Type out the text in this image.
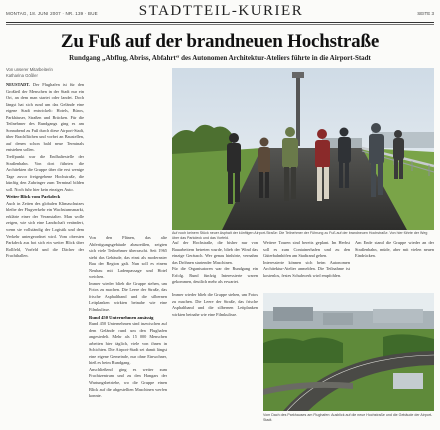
MONTAG, 18. JUNI 2007 · NR. 139 · BUE	STADTTEIL-KURIER	SEITE 3
Zu Fuß auf der brandneuen Hochstraße
Rundgang „Abflug, Abriss, Abfahrt“ des Autonomen Architektur-Ateliers führte in die Airport-Stadt
Von unserer Mitarbeiterin
Katharina Gößler

NEUSTADT. Der Flughafen ist für den Großteil der Menschen in der Stadt nur ein Ort, an dem man startet oder landet. Doch längst hat sich rund um das Gelände eine eigene Stadt entwickelt: Hotels, Büros, Parkhäuser, Straßen und Brücken. Für die Teilnehmer des Rundgangs ging es am Sonnabend zu Fuß durch diese Airport-Stadt, über Brachflächen und vorbei an Baustellen, auf denen schon bald neue Terminals entstehen sollen.

Treffpunkt war die Endhaltestelle der Straßenbahn. Von dort führten die Architekten die Gruppe über die erst wenige Tage zuvor freigegebene Hochstraße, die künftig den Zubringer zum Terminal bilden soll. Noch fuhr hier kein einziges Auto.

Weiter Blick vom Parkdeck

Auch in Zeiten des globalen Klimaschutzes bleibe der Flugverkehr ein Wachstumsmarkt, erklärte einer der Veranstalter. Man wolle zeigen, wie sich eine Landschaft verändert, wenn sie vollständig der Logistik und dem Verkehr untergeordnet wird. Vom obersten Parkdeck aus bot sich ein weiter Blick über Rollfeld, Vorfeld und die Dächer der Frachthallen.

Von den Plänen, das alte Abfertigungsgebäude abzureißen, zeigten sich viele Teilnehmer überrascht. Seit 1965 steht das Gebäude, das einst als modernster Bau der Region galt. Nun soll es einem Neubau mit Ladenpassage und Hotel weichen.

Immer wieder blieb die Gruppe stehen, um Fotos zu machen. Die Leere der Straße, das frische Asphaltband und die silbernen Leitplanken wirkten beinahe wie eine Filmkulisse.

Rund 450 Unternehmen ansässig

Rund 450 Unternehmen sind inzwischen auf dem Gelände rund um den Flughafen angesiedelt. Mehr als 15 000 Menschen arbeiten hier täglich, viele von ihnen in Schichten. Die Airport-Stadt sei damit längst eine eigene Gemeinde, nur ohne Einwohner, hieß es beim Rundgang.

Anschließend ging es weiter zum Frachtzentrum und zu den Hangars der Wartungsbetriebe, wo die Gruppe einen Blick auf die abgestellten Maschinen werfen konnte.

Auf der Hochstraße, die bisher nur von Bauarbeitern betreten wurde, blieb der Wind das einzige Geräusch. Wer genau hinhörte, vernahm das Dröhnen startender Maschinen.

Für die Organisatoren war der Rundgang ein Erfolg. Rund fünfzig Interessierte waren gekommen, deutlich mehr als erwartet.

Weitere Touren sind bereits geplant. Im Herbst soll es zum Containerhafen und zu den Güterbahnhöfen am Stadtrand gehen.

Interessierte können sich beim Autonomen Architektur-Atelier anmelden. Die Teilnahme ist kostenlos, festes Schuhwerk wird empfohlen.

Am Ende stand die Gruppe wieder an der Straßenbahn, müde, aber mit vielen neuen Eindrücken.

Immer wieder blieb die Gruppe stehen, um Fotos zu machen. Die Leere der Straße, das frische Asphaltband und die silbernen Leitplanken wirkten beinahe wie eine Filmkulisse.

Auf noch keinem Stück neuer Asphalt der künftigen Airport-Straße: Die Teilnehmer der Führung zu Fuß auf der brandneuen Hochstraße. Von hier führte der Weg über das Parkdeck und das Vorfeld.
Vom Dach des Parkhauses am Flughafen: Ausblick auf die neue Hochstraße und die Gebäude der Airport-Stadt.
